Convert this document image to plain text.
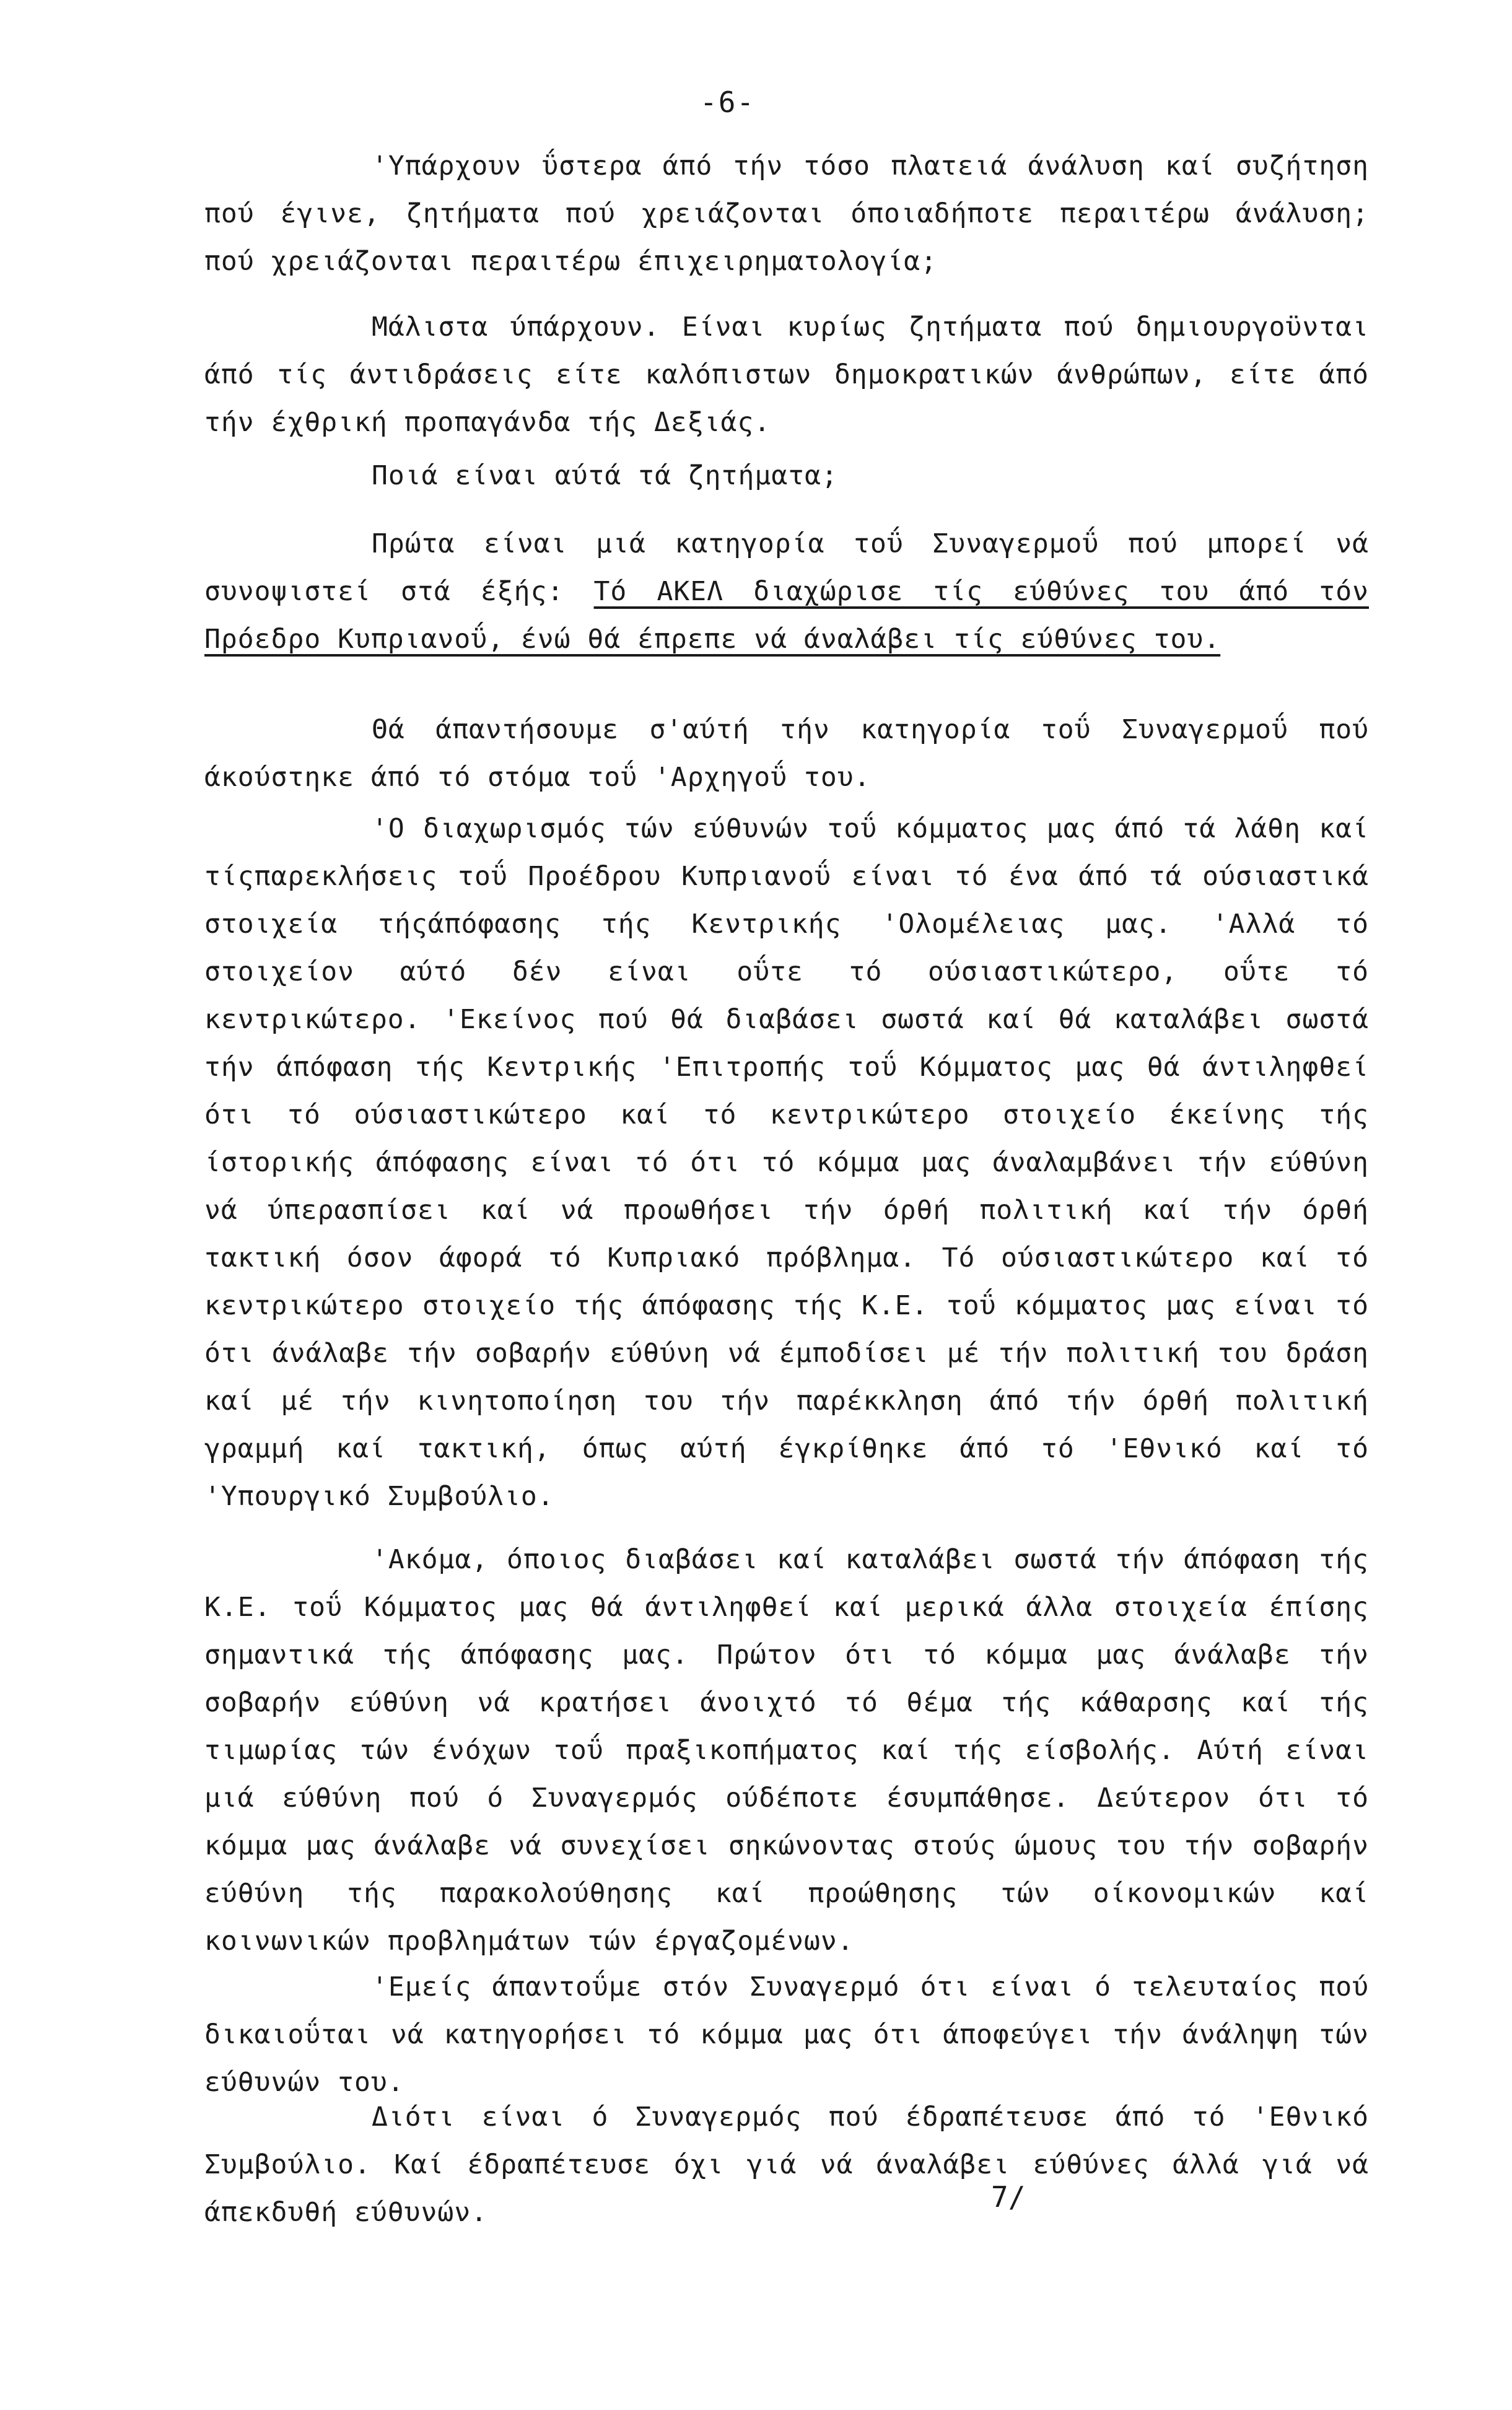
-6-

'Υπάρχουν ΰστερα άπό τήν τόσο πλατειά άνάλυση καί συζήτηση πού έγινε, ζητήματα πού χρειάζονται όποιαδήποτε περαιτέρω άνάλυση; πού χρειάζονται περαιτέρω έπιχειρηματολογία;

Μάλιστα ύπάρχουν. Είναι κυρίως ζητήματα πού δημιουργοϋνται άπό τίς άντιδράσεις είτε καλόπιστων δημοκρατικών άνθρώπων, είτε άπό τήν έχθρική προπαγάνδα τής Δεξιάς.

Ποιά είναι αύτά τά ζητήματα;

Πρώτα είναι μιά κατηγορία τοΰ Συναγερμοΰ πού μπορεί νά συνοψιστεί στά έξής: Τό ΑΚΕΛ διαχώρισε τίς εύθύνες του άπό τόν Πρόεδρο Κυπριανοΰ, ένώ θά έπρεπε νά άναλάβει τίς εύθύνες του.

Θά άπαντήσουμε σ'αύτή τήν κατηγορία τοΰ Συναγερμοΰ πού άκούστηκε άπό τό στόμα τοΰ 'Αρχηγοΰ του.

'Ο διαχωρισμός τών εύθυνών τοΰ κόμματος μας άπό τά λάθη καί τίςπαρεκλήσεις τοΰ Προέδρου Κυπριανοΰ είναι τό ένα άπό τά ούσιαστικά στοιχεία τήςάπόφασης τής Κεντρικής 'Ολομέλειας μας. 'Αλλά τό στοιχείον αύτό δέν είναι οΰτε τό ούσιαστικώτερο, οΰτε τό κεντρικώτερο. 'Εκείνος πού θά διαβάσει σωστά καί θά καταλάβει σωστά τήν άπόφαση τής Κεντρικής 'Επιτροπής τοΰ Κόμματος μας θά άντιληφθεί ότι τό ούσιαστικώτερο καί τό κεντρικώτερο στοιχείο έκείνης τής ίστορικής άπόφασης είναι τό ότι τό κόμμα μας άναλαμβάνει τήν εύθύνη νά ύπερασπίσει καί νά προωθήσει τήν όρθή πολιτική καί τήν όρθή τακτική όσον άφορά τό Κυπριακό πρόβλημα. Τό ούσιαστικώτερο καί τό κεντρικώτερο στοιχείο τής άπόφασης τής Κ.Ε. τοΰ κόμματος μας είναι τό ότι άνάλαβε τήν σοβαρήν εύθύνη νά έμποδίσει μέ τήν πολιτική του δράση καί μέ τήν κινητοποίηση του τήν παρέκκληση άπό τήν όρθή πολιτική γραμμή καί τακτική, όπως αύτή έγκρίθηκε άπό τό 'Εθνικό καί τό 'Υπουργικό Συμβούλιο.

'Ακόμα, όποιος διαβάσει καί καταλάβει σωστά τήν άπόφαση τής Κ.Ε. τοΰ Κόμματος μας θά άντιληφθεί καί μερικά άλλα στοιχεία έπίσης σημαντικά τής άπόφασης μας. Πρώτον ότι τό κόμμα μας άνάλαβε τήν σοβαρήν εύθύνη νά κρατήσει άνοιχτό τό θέμα τής κάθαρσης καί τής τιμωρίας τών ένόχων τοΰ πραξικοπήματος καί τής είσβολής. Αύτή είναι μιά εύθύνη πού ό Συναγερμός ούδέποτε έσυμπάθησε. Δεύτερον ότι τό κόμμα μας άνάλαβε νά συνεχίσει σηκώνοντας στούς ώμους του τήν σοβαρήν εύθύνη τής παρακολούθησης καί προώθησης τών οίκονομικών καί κοινωνικών προβλημάτων τών έργαζομένων.

'Εμείς άπαντοΰμε στόν Συναγερμό ότι είναι ό τελευταίος πού δικαιοΰται νά κατηγορήσει τό κόμμα μας ότι άποφεύγει τήν άνάληψη τών εύθυνών του.

Διότι είναι ό Συναγερμός πού έδραπέτευσε άπό τό 'Εθνικό Συμβούλιο. Καί έδραπέτευσε όχι γιά νά άναλάβει εύθύνες άλλά γιά νά άπεκδυθή εύθυνών.	7/
